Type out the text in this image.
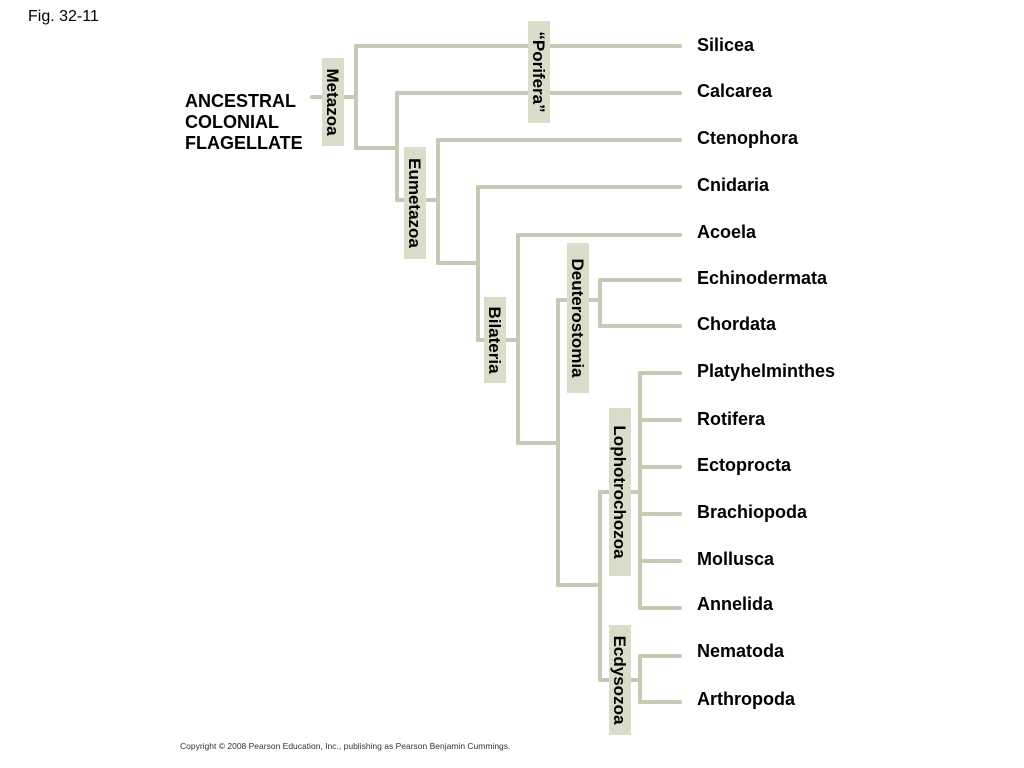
Fig. 32-11
ANCESTRAL
COLONIAL
FLAGELLATE
“Porifera”
Metazoa
Eumetazoa
Bilateria	Deuterostomia
Lophotrochozoa
Ecdysozoa
Silicea
Calcarea
Ctenophora
Cnidaria
Acoela
Echinodermata
Chordata
Platyhelminthes
Rotifera
Ectoprocta
Brachiopoda
Mollusca
Annelida
Nematoda
Arthropoda
Copyright © 2008 Pearson Education, Inc., publishing as Pearson Benjamin Cummings.
